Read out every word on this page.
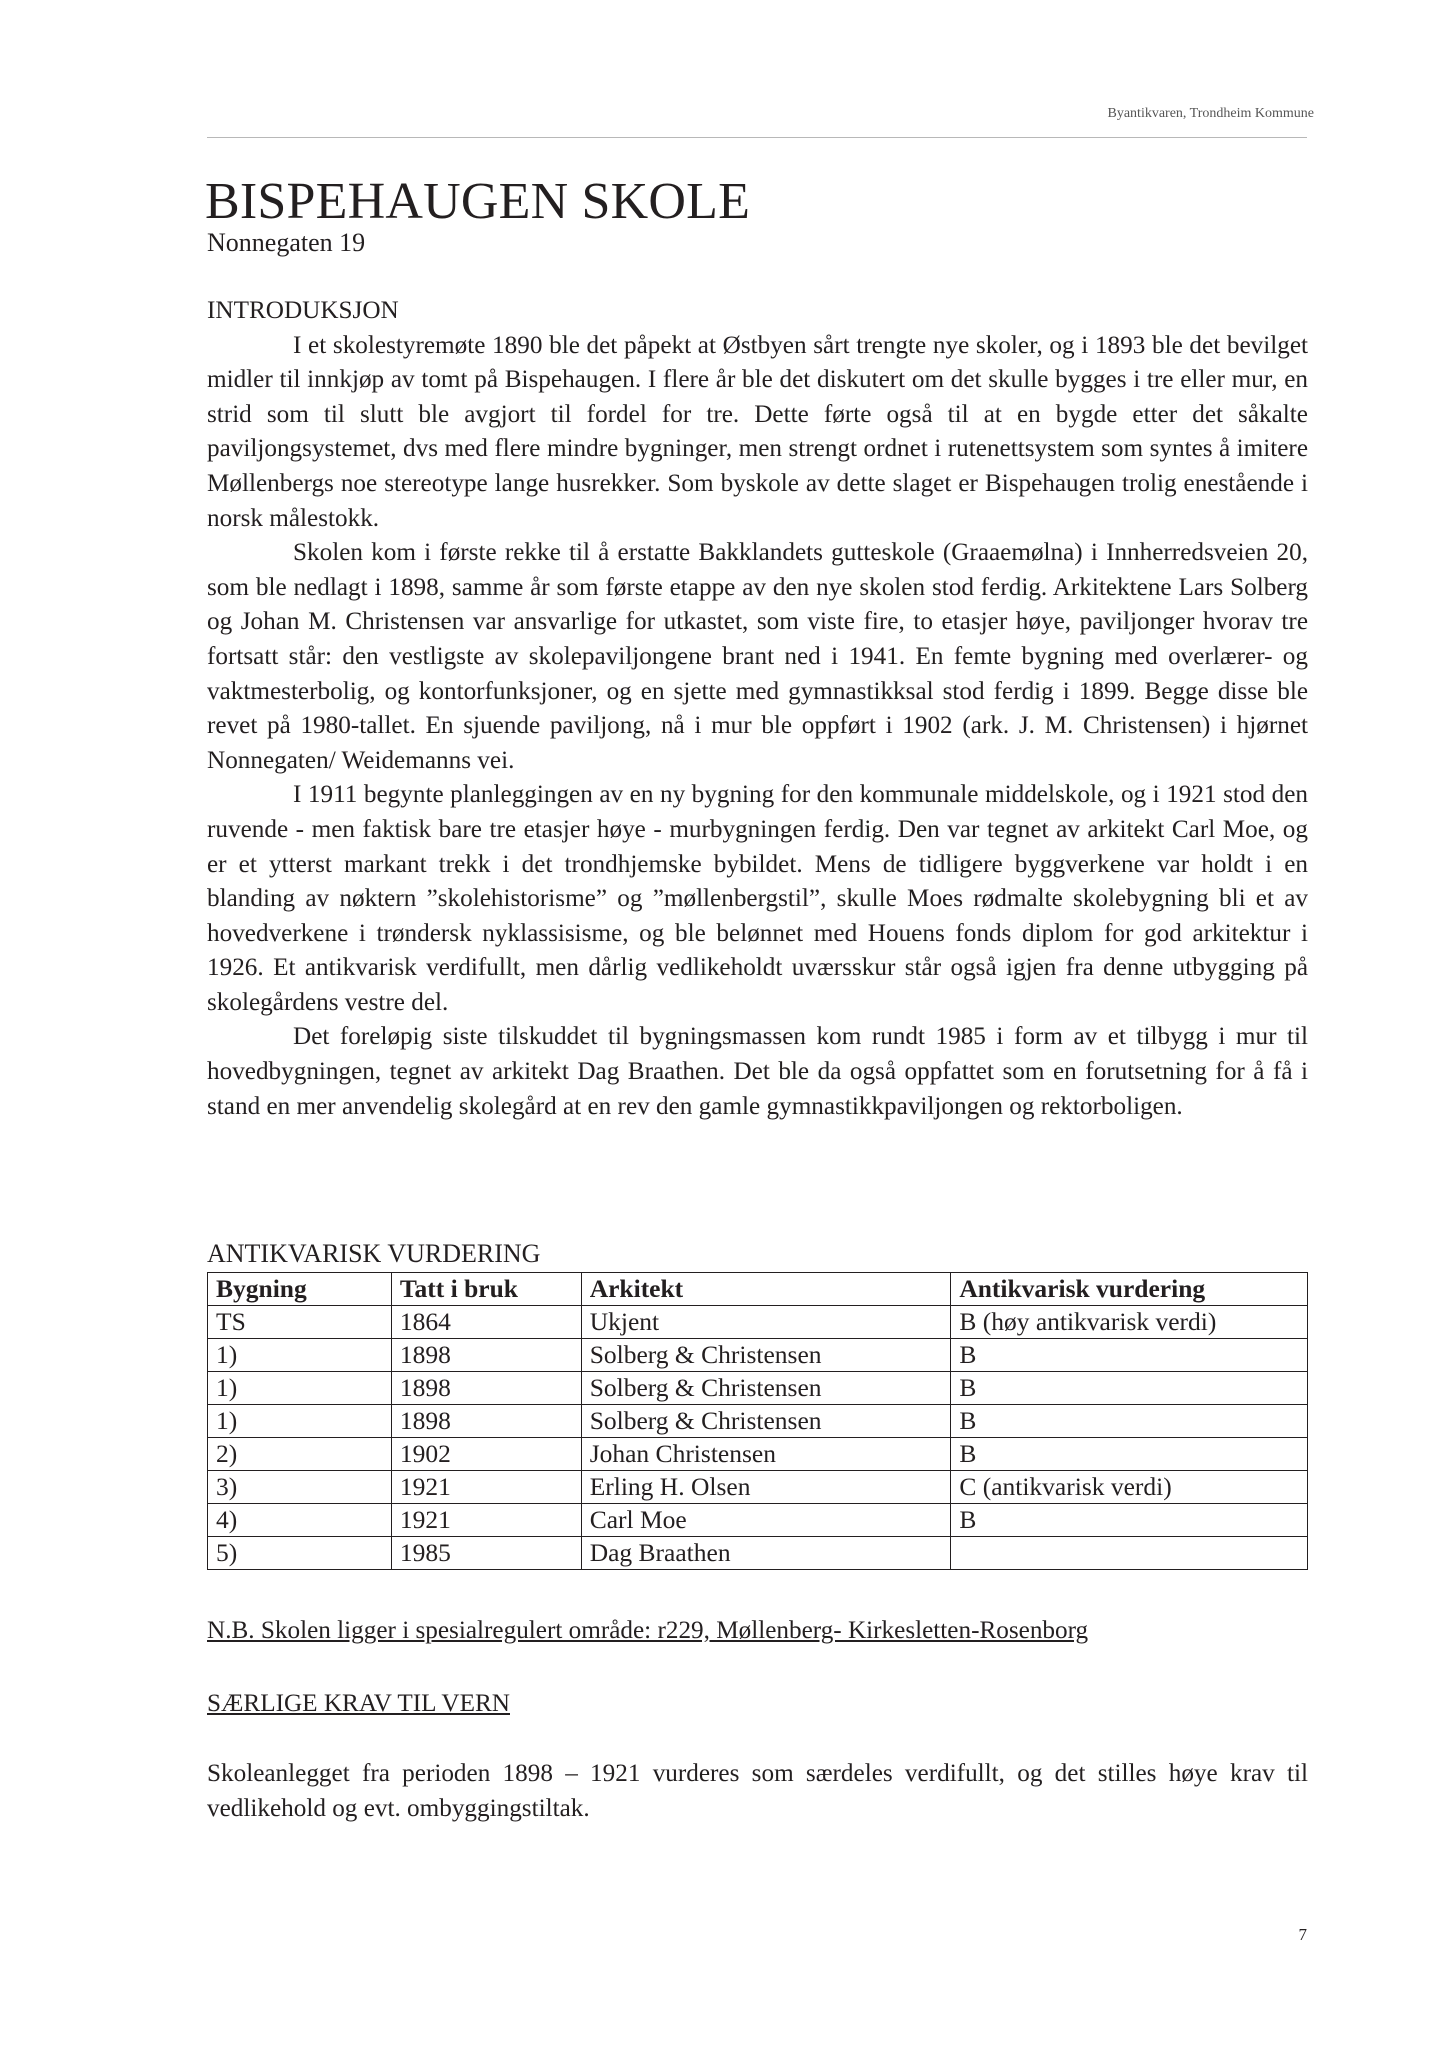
Byantikvaren, Trondheim Kommune
BISPEHAUGEN SKOLE
Nonnegaten 19
INTRODUKSJON

I et skolestyremøte 1890 ble det påpekt at Østbyen sårt trengte nye skoler, og i 1893 ble det bevilget midler til innkjøp av tomt på Bispehaugen. I flere år ble det diskutert om det skulle bygges i tre eller mur, en strid som til slutt ble avgjort til fordel for tre. Dette førte også til at en bygde etter det såkalte paviljongsystemet, dvs med flere mindre bygninger, men strengt ordnet i rutenettsystem som syntes å imitere Møllenbergs noe stereotype lange husrekker. Som byskole av dette slaget er Bispehaugen trolig enestående i norsk målestokk.

Skolen kom i første rekke til å erstatte Bakklandets gutteskole (Graaemølna) i Innherredsveien 20, som ble nedlagt i 1898, samme år som første etappe av den nye skolen stod ferdig. Arkitektene Lars Solberg og Johan M. Christensen var ansvarlige for utkastet, som viste fire, to etasjer høye, paviljonger hvorav tre fortsatt står: den vestligste av skolepaviljongene brant ned i 1941. En femte bygning med overlærer- og vaktmesterbolig, og kontorfunksjoner, og en sjette med gymnastikksal stod ferdig i 1899. Begge disse ble revet på 1980-tallet. En sjuende paviljong, nå i mur ble oppført i 1902 (ark. J. M. Christensen) i hjørnet Nonnegaten/ Weidemanns vei.

I 1911 begynte planleggingen av en ny bygning for den kommunale middelskole, og i 1921 stod den ruvende - men faktisk bare tre etasjer høye - murbygningen ferdig. Den var tegnet av arkitekt Carl Moe, og er et ytterst markant trekk i det trondhjemske bybildet. Mens de tidligere byggverkene var holdt i en blanding av nøktern ”skolehistorisme” og ”møllenbergstil”, skulle Moes rødmalte skolebygning bli et av hovedverkene i trøndersk nyklassisisme, og ble belønnet med Houens fonds diplom for god arkitektur i 1926. Et antikvarisk verdifullt, men dårlig vedlikeholdt uværsskur står også igjen fra denne utbygging på skolegårdens vestre del.

Det foreløpig siste tilskuddet til bygningsmassen kom rundt 1985 i form av et tilbygg i mur til hovedbygningen, tegnet av arkitekt Dag Braathen. Det ble da også oppfattet som en forutsetning for å få i stand en mer anvendelig skolegård at en rev den gamle gymnastikkpaviljongen og rektorboligen.

ANTIKVARISK VURDERING
Bygning	Tatt i bruk	Arkitekt	Antikvarisk vurdering
TS	1864	Ukjent	B (høy antikvarisk verdi)
1)	1898	Solberg & Christensen	B
1)	1898	Solberg & Christensen	B
1)	1898	Solberg & Christensen	B
2)	1902	Johan Christensen	B
3)	1921	Erling H. Olsen	C (antikvarisk verdi)
4)	1921	Carl Moe	B
5)	1985	Dag Braathen	
N.B. Skolen ligger i spesialregulert område: r229, Møllenberg- Kirkesletten-Rosenborg
SÆRLIGE KRAV TIL VERN

Skoleanlegget fra perioden 1898 – 1921 vurderes som særdeles verdifullt, og det stilles høye krav til vedlikehold og evt. ombyggingstiltak.

7
